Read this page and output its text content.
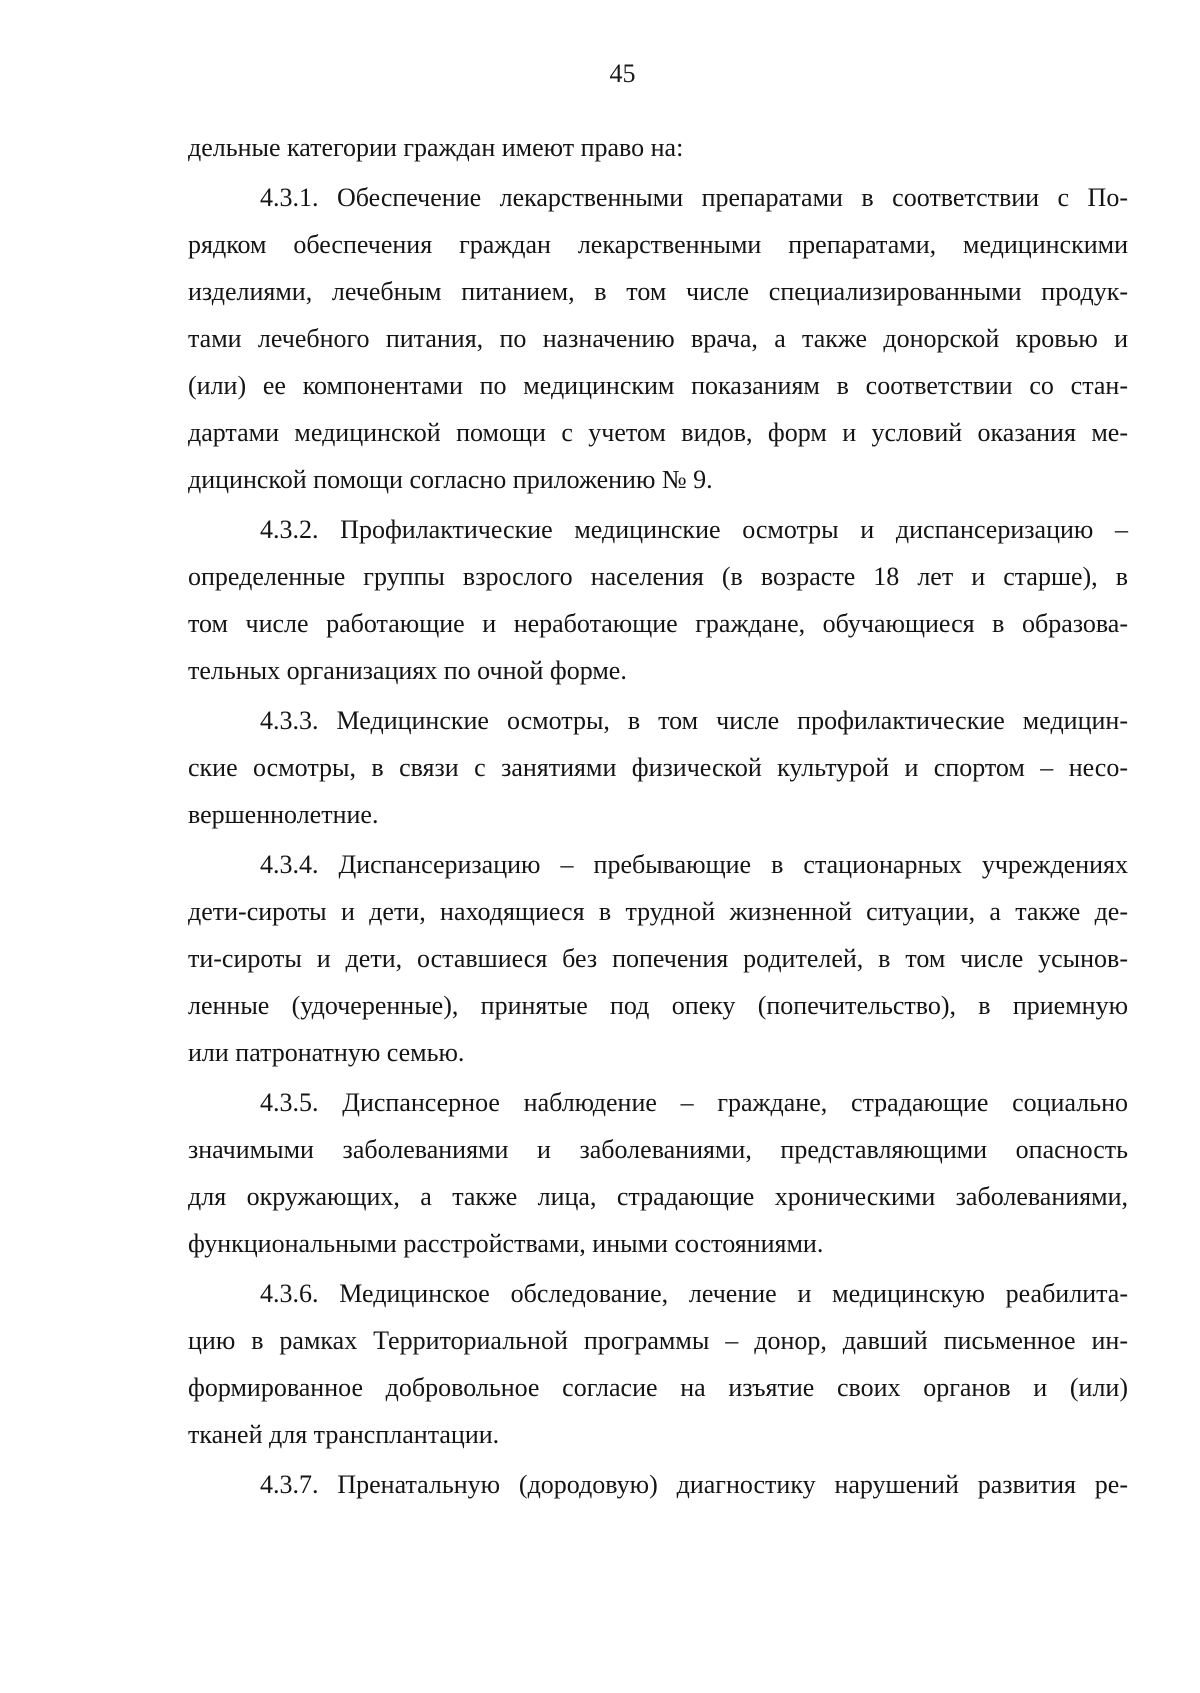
45
дельные категории граждан имеют право на:
4.3.1. Обеспечение лекарственными препаратами в соответствии с По-
рядком обеспечения граждан лекарственными препаратами, медицинскими
изделиями, лечебным питанием, в том числе специализированными продук-
тами лечебного питания, по назначению врача, а также донорской кровью и
(или) ее компонентами по медицинским показаниям в соответствии со стан-
дартами медицинской помощи с учетом видов, форм и условий оказания ме-
дицинской помощи согласно приложению № 9.
4.3.2. Профилактические медицинские осмотры и диспансеризацию –
определенные группы взрослого населения (в возрасте 18 лет и старше), в
том числе работающие и неработающие граждане, обучающиеся в образова-
тельных организациях по очной форме.
4.3.3. Медицинские осмотры, в том числе профилактические медицин-
ские осмотры, в связи с занятиями физической культурой и спортом – несо-
вершеннолетние.
4.3.4. Диспансеризацию – пребывающие в стационарных учреждениях
дети-сироты и дети, находящиеся в трудной жизненной ситуации, а также де-
ти-сироты и дети, оставшиеся без попечения родителей, в том числе усынов-
ленные (удочеренные), принятые под опеку (попечительство), в приемную
или патронатную семью.
4.3.5. Диспансерное наблюдение – граждане, страдающие социально
значимыми заболеваниями и заболеваниями, представляющими опасность
для окружающих, а также лица, страдающие хроническими заболеваниями,
функциональными расстройствами, иными состояниями.
4.3.6. Медицинское обследование, лечение и медицинскую реабилита-
цию в рамках Территориальной программы – донор, давший письменное ин-
формированное добровольное согласие на изъятие своих органов и (или)
тканей для трансплантации.
4.3.7. Пренатальную (дородовую) диагностику нарушений развития ре-
